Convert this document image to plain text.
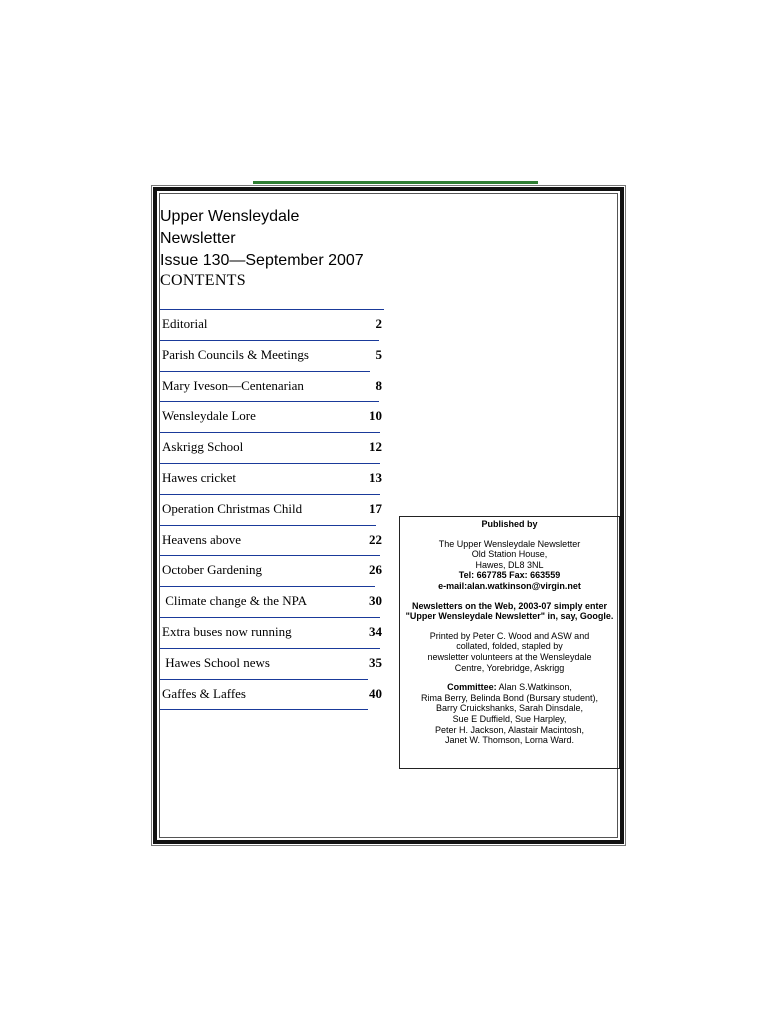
Upper Wensleydale
Newsletter
Issue 130—September 2007
CONTENTS
Editorial	2
Parish Councils & Meetings	5
Mary Iveson—Centenarian	8
Wensleydale Lore	10
Askrigg School	12
Hawes cricket	13
Operation Christmas Child	17
Heavens above	22
October Gardening	26
Climate change & the NPA	30
Extra buses now running	34
Hawes School news	35
Gaffes & Laffes	40
Published by
The Upper Wensleydale Newsletter
Old Station House,
Hawes, DL8 3NL
Tel: 667785 Fax: 663559
e-mail:alan.watkinson@virgin.net
Newsletters on the Web, 2003-07 simply enter
"Upper Wensleydale Newsletter" in, say, Google.
Printed by Peter C. Wood and ASW and
collated, folded, stapled by
newsletter volunteers at the Wensleydale
Centre, Yorebridge, Askrigg
Committee: Alan S.Watkinson,
Rima Berry, Belinda Bond (Bursary student),
Barry Cruickshanks, Sarah Dinsdale,
Sue E Duffield, Sue Harpley,
Peter H. Jackson, Alastair Macintosh,
Janet W. Thomson, Lorna Ward.
